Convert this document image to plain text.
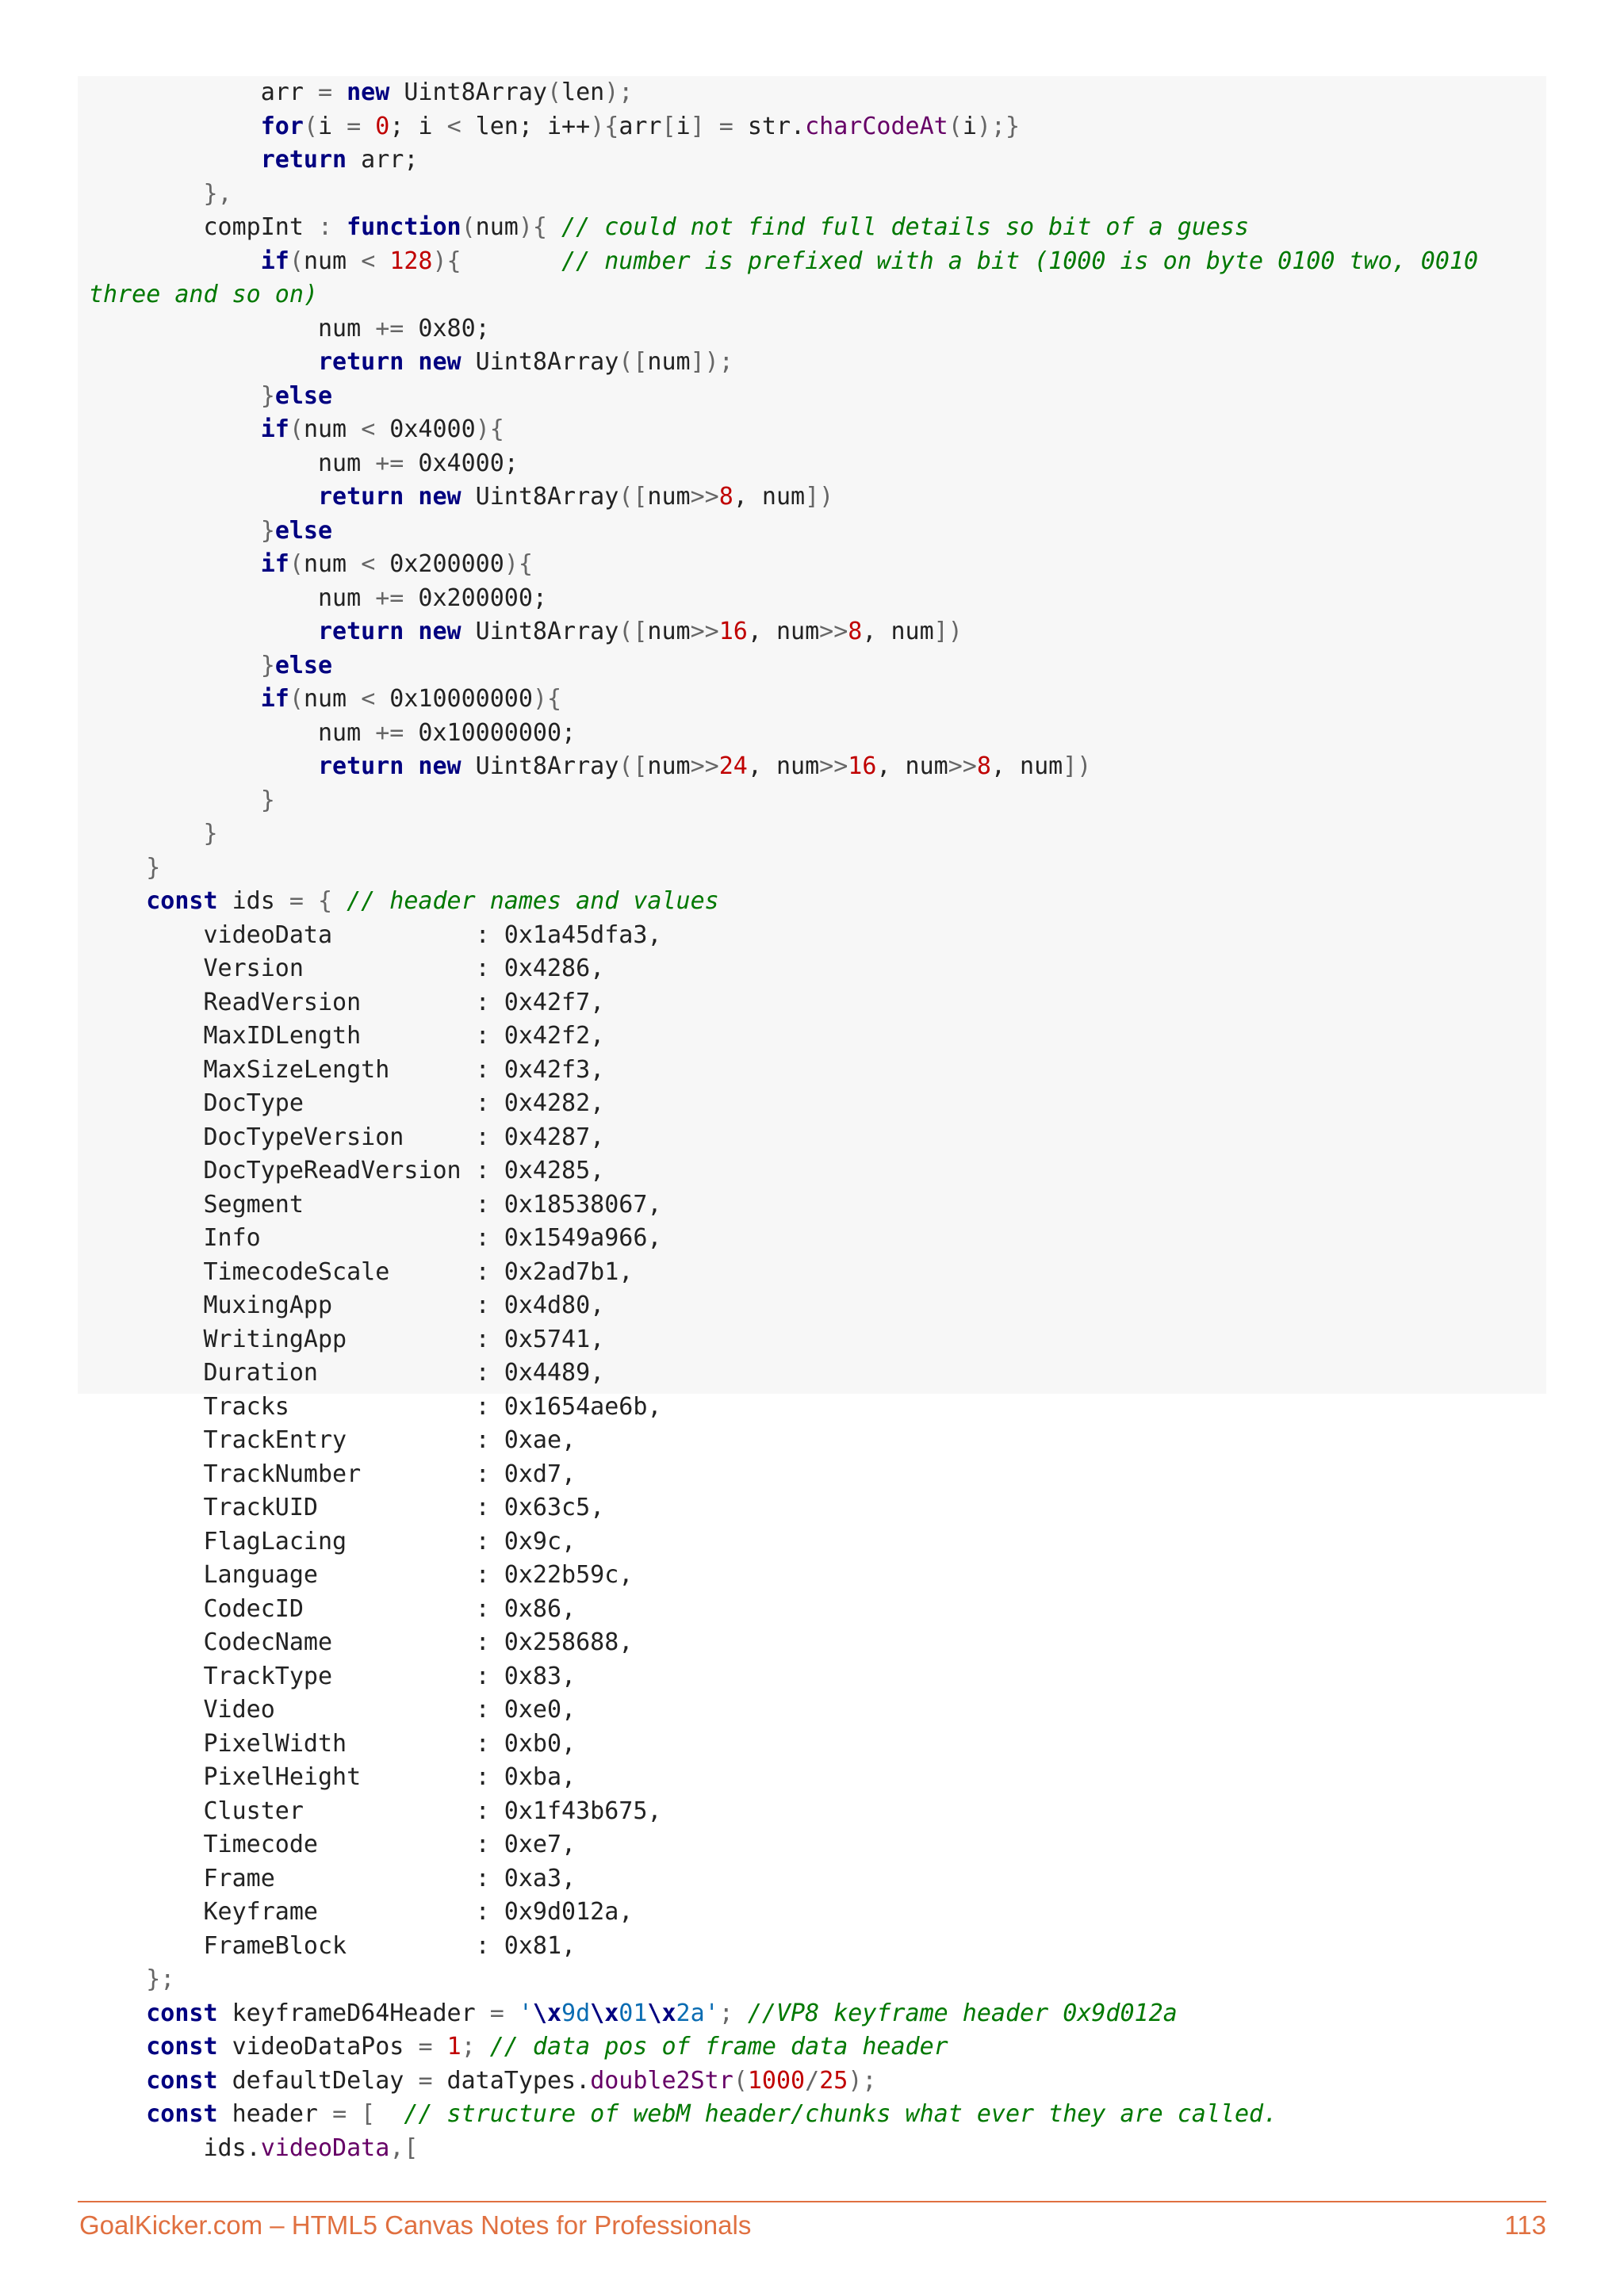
arr = new Uint8Array(len);
for(i = 0; i < len; i++){arr[i] = str.charCodeAt(i);}
return arr;
},
compInt : function(num){ // could not find full details so bit of a guess
if(num < 128){	// number is prefixed with a bit (1000 is on byte 0100 two, 0010
three and so on)
num += 0x80;
return new Uint8Array([num]);
}else
if(num < 0x4000){
num += 0x4000;
return new Uint8Array([num>>8, num])
}else
if(num < 0x200000){
num += 0x200000;
return new Uint8Array([num>>16, num>>8, num])
}else
if(num < 0x10000000){
num += 0x10000000;
return new Uint8Array([num>>24, num>>16, num>>8, num])
}
}
}
const ids = { // header names and values
videoData          : 0x1a45dfa3,
Version            : 0x4286,
ReadVersion        : 0x42f7,
MaxIDLength        : 0x42f2,
MaxSizeLength      : 0x42f3,
DocType            : 0x4282,
DocTypeVersion     : 0x4287,
DocTypeReadVersion : 0x4285,
Segment            : 0x18538067,
Info               : 0x1549a966,
TimecodeScale      : 0x2ad7b1,
MuxingApp          : 0x4d80,
WritingApp         : 0x5741,
Duration           : 0x4489,
Tracks             : 0x1654ae6b,
TrackEntry         : 0xae,
TrackNumber        : 0xd7,
TrackUID           : 0x63c5,
FlagLacing         : 0x9c,
Language           : 0x22b59c,
CodecID            : 0x86,
CodecName          : 0x258688,
TrackType          : 0x83,
Video              : 0xe0,
PixelWidth         : 0xb0,
PixelHeight        : 0xba,
Cluster            : 0x1f43b675,
Timecode           : 0xe7,
Frame              : 0xa3,
Keyframe           : 0x9d012a,
FrameBlock         : 0x81,
};
const keyframeD64Header = '\x9d\x01\x2a'; //VP8 keyframe header 0x9d012a
const videoDataPos = 1; // data pos of frame data header
const defaultDelay = dataTypes.double2Str(1000/25);
const header = [  // structure of webM header/chunks what ever they are called.
ids.videoData,[
GoalKicker.com – HTML5 Canvas Notes for Professionals	113
